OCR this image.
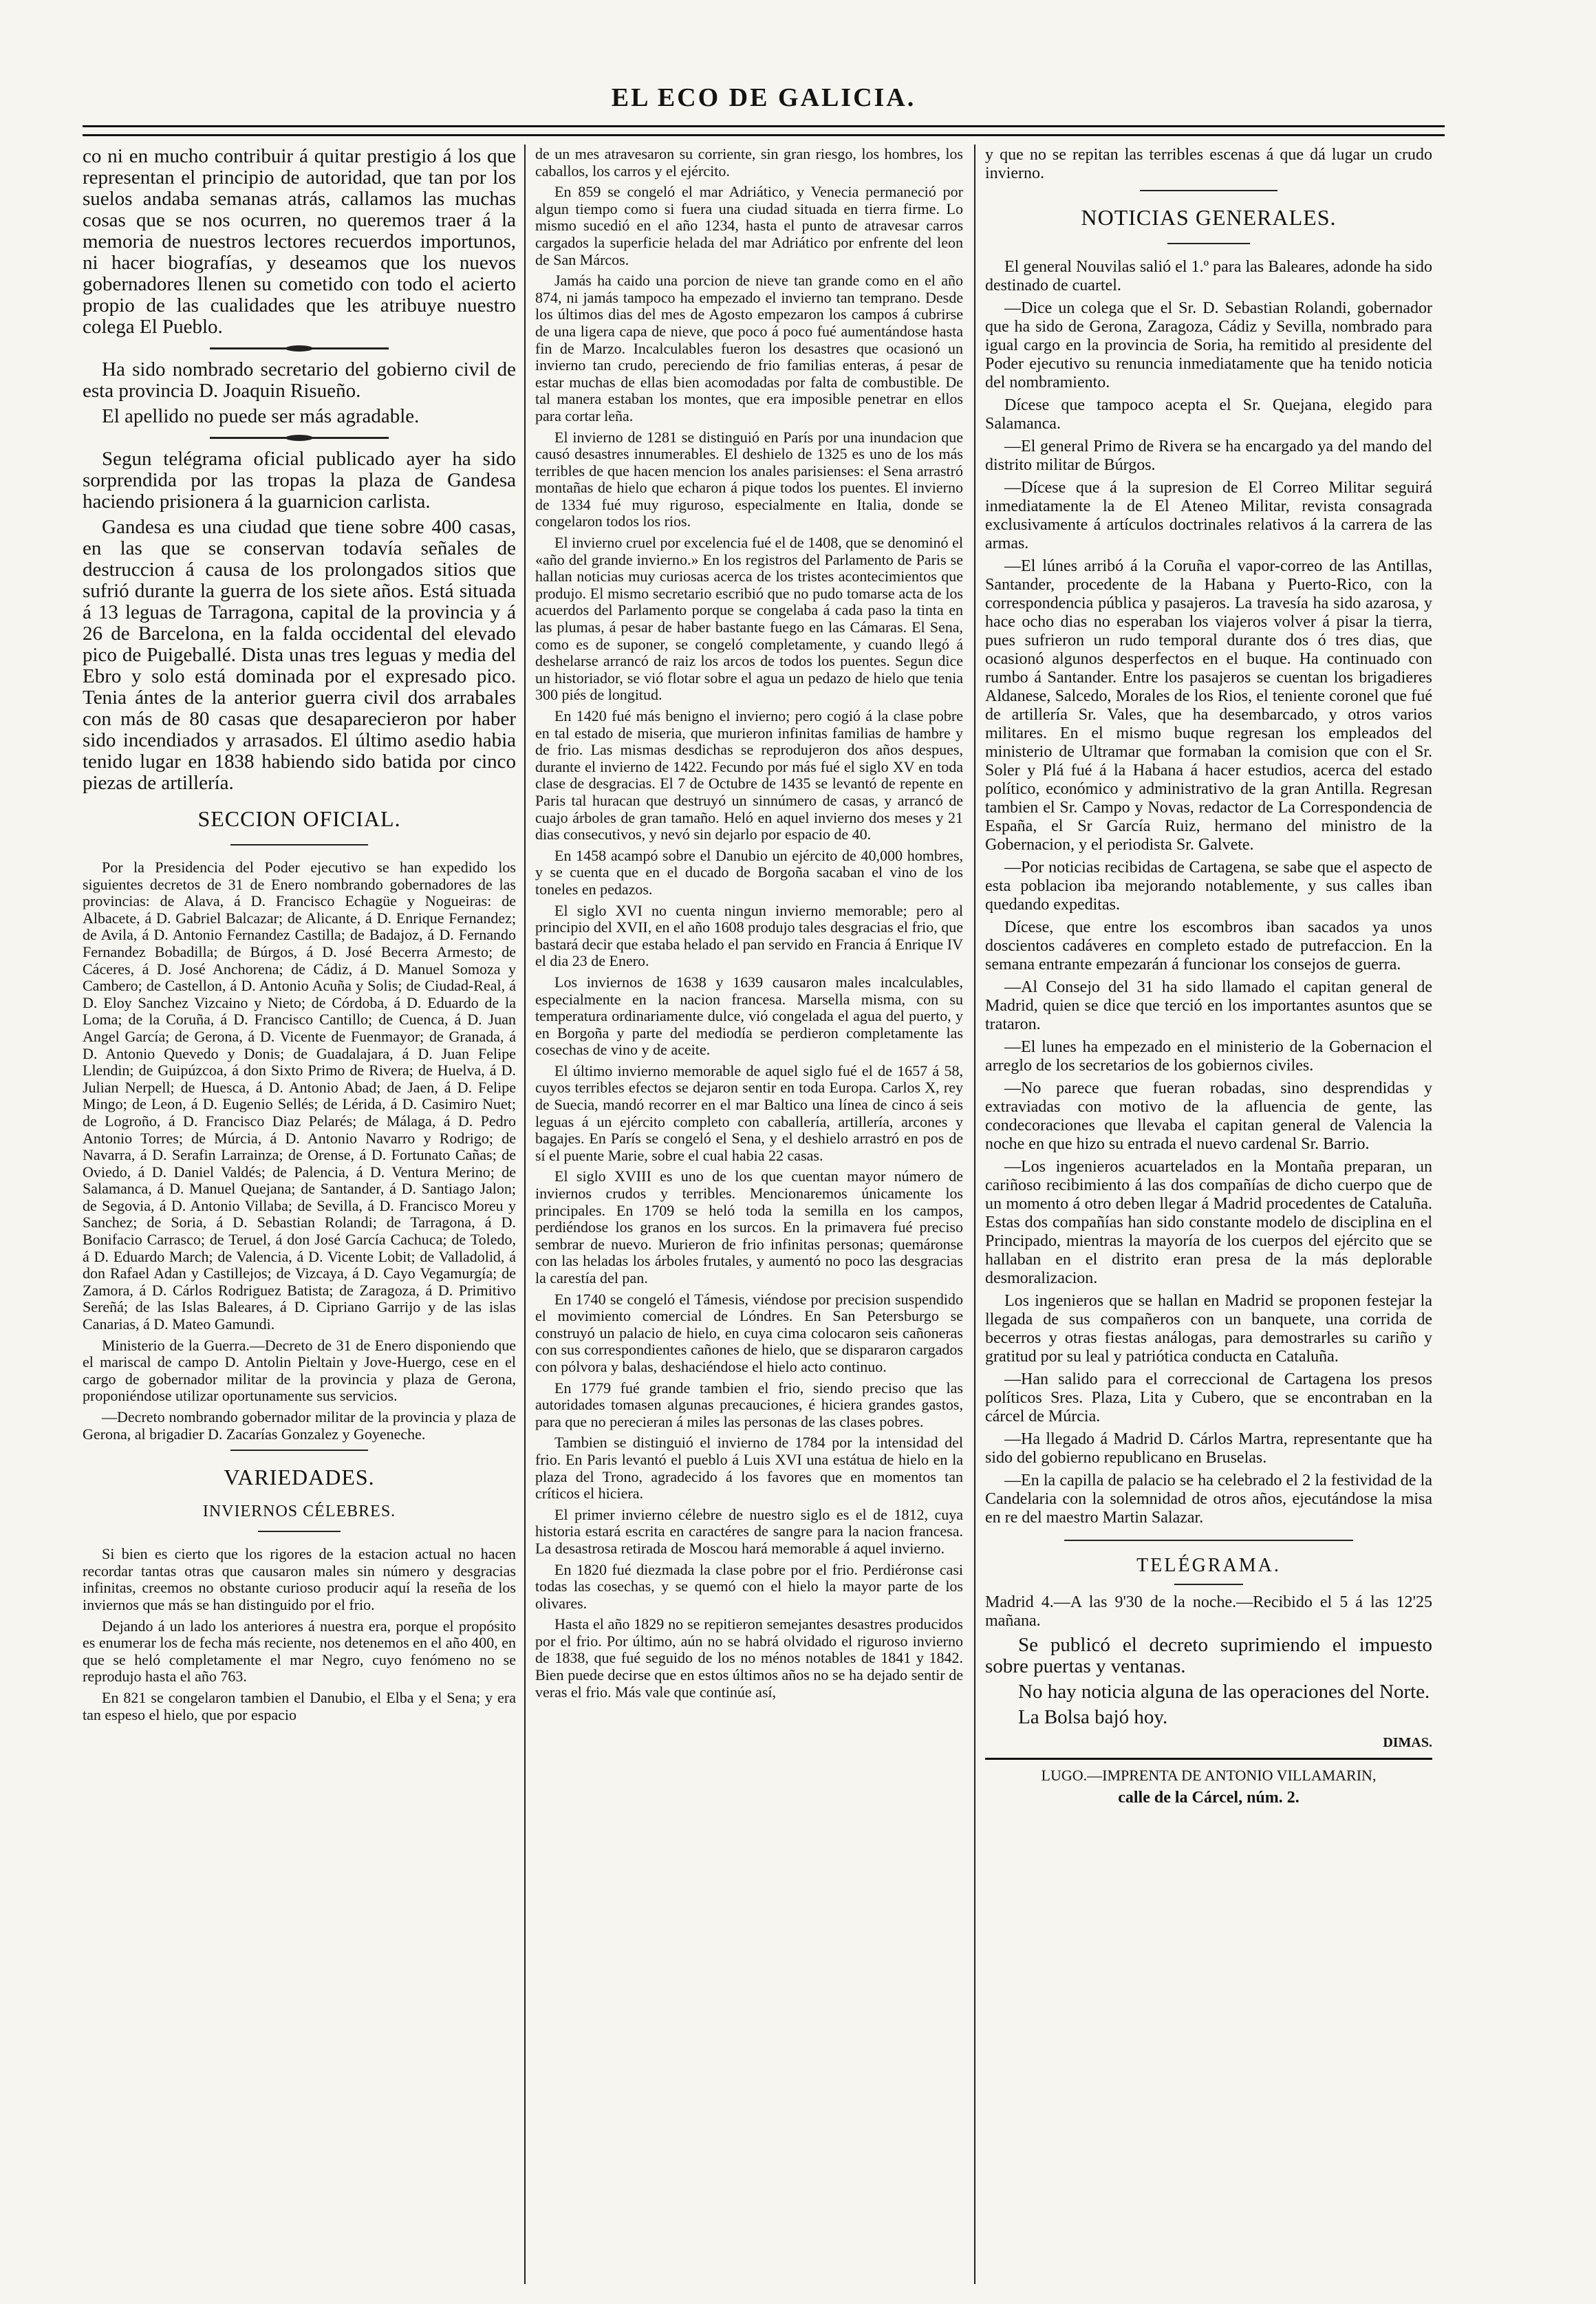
EL ECO DE GALICIA.

co ni en mucho contribuir á quitar prestigio á los que representan el principio de autoridad, que tan por los suelos andaba semanas atrás, callamos las muchas cosas que se nos ocurren, no queremos traer á la memoria de nuestros lectores recuerdos importunos, ni hacer biografías, y deseamos que los nuevos gobernadores llenen su cometido con todo el acierto propio de las cualidades que les atribuye nuestro colega El Pueblo.

Ha sido nombrado secretario del gobierno civil de esta provincia D. Joaquin Risueño.

El apellido no puede ser más agradable.

Segun telégrama oficial publicado ayer ha sido sorprendida por las tropas la plaza de Gandesa haciendo prisionera á la guarnicion carlista.

Gandesa es una ciudad que tiene sobre 400 casas, en las que se conservan todavía señales de destruccion á causa de los prolongados sitios que sufrió durante la guerra de los siete años. Está situada á 13 leguas de Tarragona, capital de la provincia y á 26 de Barcelona, en la falda occidental del elevado pico de Puigeballé. Dista unas tres leguas y media del Ebro y solo está dominada por el expresado pico. Tenia ántes de la anterior guerra civil dos arrabales con más de 80 casas que desaparecieron por haber sido incendiados y arrasados. El último asedio habia tenido lugar en 1838 habiendo sido batida por cinco piezas de artillería.

SECCION OFICIAL.

Por la Presidencia del Poder ejecutivo se han expedido los siguientes decretos de 31 de Enero nombrando gobernadores de las provincias: de Alava, á D. Francisco Echagüe y Nogueiras: de Albacete, á D. Gabriel Balcazar; de Alicante, á D. Enrique Fernandez; de Avila, á D. Antonio Fernandez Castilla; de Badajoz, á D. Fernando Fernandez Bobadilla; de Búrgos, á D. José Becerra Armesto; de Cáceres, á D. José Anchorena; de Cádiz, á D. Manuel Somoza y Cambero; de Castellon, á D. Antonio Acuña y Solis; de Ciudad-Real, á D. Eloy Sanchez Vizcaino y Nieto; de Córdoba, á D. Eduardo de la Loma; de la Coruña, á D. Francisco Cantillo; de Cuenca, á D. Juan Angel García; de Gerona, á D. Vicente de Fuenmayor; de Granada, á D. Antonio Quevedo y Donis; de Guadalajara, á D. Juan Felipe Llendin; de Guipúzcoa, á don Sixto Primo de Rivera; de Huelva, á D. Julian Nerpell; de Huesca, á D. Antonio Abad; de Jaen, á D. Felipe Mingo; de Leon, á D. Eugenio Sellés; de Lérida, á D. Casimiro Nuet; de Logroño, á D. Francisco Diaz Pelarés; de Málaga, á D. Pedro Antonio Torres; de Múrcia, á D. Antonio Navarro y Rodrigo; de Navarra, á D. Serafin Larrainza; de Orense, á D. Fortunato Cañas; de Oviedo, á D. Daniel Valdés; de Palencia, á D. Ventura Merino; de Salamanca, á D. Manuel Quejana; de Santander, á D. Santiago Jalon; de Segovia, á D. Antonio Villaba; de Sevilla, á D. Francisco Moreu y Sanchez; de Soria, á D. Sebastian Rolandi; de Tarragona, á D. Bonifacio Carrasco; de Teruel, á don José García Cachuca; de Toledo, á D. Eduardo March; de Valencia, á D. Vicente Lobit; de Valladolid, á don Rafael Adan y Castillejos; de Vizcaya, á D. Cayo Vegamurgía; de Zamora, á D. Cárlos Rodriguez Batista; de Zaragoza, á D. Primitivo Sereñá; de las Islas Baleares, á D. Cipriano Garrijo y de las islas Canarias, á D. Mateo Gamundi.

Ministerio de la Guerra.—Decreto de 31 de Enero disponiendo que el mariscal de campo D. Antolin Pieltain y Jove-Huergo, cese en el cargo de gobernador militar de la provincia y plaza de Gerona, proponiéndose utilizar oportunamente sus servicios.

—Decreto nombrando gobernador militar de la provincia y plaza de Gerona, al brigadier D. Zacarías Gonzalez y Goyeneche.

VARIEDADES.
INVIERNOS CÉLEBRES.

Si bien es cierto que los rigores de la estacion actual no hacen recordar tantas otras que causaron males sin número y desgracias infinitas, creemos no obstante curioso producir aquí la reseña de los inviernos que más se han distinguido por el frio.

Dejando á un lado los anteriores á nuestra era, porque el propósito es enumerar los de fecha más reciente, nos detenemos en el año 400, en que se heló completamente el mar Negro, cuyo fenómeno no se reprodujo hasta el año 763.

En 821 se congelaron tambien el Danubio, el Elba y el Sena; y era tan espeso el hielo, que por espacio

de un mes atravesaron su corriente, sin gran riesgo, los hombres, los caballos, los carros y el ejército.

En 859 se congeló el mar Adriático, y Venecia permaneció por algun tiempo como si fuera una ciudad situada en tierra firme. Lo mismo sucedió en el año 1234, hasta el punto de atravesar carros cargados la superficie helada del mar Adriático por enfrente del leon de San Márcos.

Jamás ha caido una porcion de nieve tan grande como en el año 874, ni jamás tampoco ha empezado el invierno tan temprano. Desde los últimos dias del mes de Agosto empezaron los campos á cubrirse de una ligera capa de nieve, que poco á poco fué aumentándose hasta fin de Marzo. Incalculables fueron los desastres que ocasionó un invierno tan crudo, pereciendo de frio familias enteras, á pesar de estar muchas de ellas bien acomodadas por falta de combustible. De tal manera estaban los montes, que era imposible penetrar en ellos para cortar leña.

El invierno de 1281 se distinguió en París por una inundacion que causó desastres innumerables. El deshielo de 1325 es uno de los más terribles de que hacen mencion los anales parisienses: el Sena arrastró montañas de hielo que echaron á pique todos los puentes. El invierno de 1334 fué muy riguroso, especialmente en Italia, donde se congelaron todos los rios.

El invierno cruel por excelencia fué el de 1408, que se denominó el «año del grande invierno.» En los registros del Parlamento de Paris se hallan noticias muy curiosas acerca de los tristes acontecimientos que produjo. El mismo secretario escribió que no pudo tomarse acta de los acuerdos del Parlamento porque se congelaba á cada paso la tinta en las plumas, á pesar de haber bastante fuego en las Cámaras. El Sena, como es de suponer, se congeló completamente, y cuando llegó á deshelarse arrancó de raiz los arcos de todos los puentes. Segun dice un historiador, se vió flotar sobre el agua un pedazo de hielo que tenia 300 piés de longitud.

En 1420 fué más benigno el invierno; pero cogió á la clase pobre en tal estado de miseria, que murieron infinitas familias de hambre y de frio. Las mismas desdichas se reprodujeron dos años despues, durante el invierno de 1422. Fecundo por más fué el siglo XV en toda clase de desgracias. El 7 de Octubre de 1435 se levantó de repente en Paris tal huracan que destruyó un sinnúmero de casas, y arrancó de cuajo árboles de gran tamaño. Heló en aquel invierno dos meses y 21 dias consecutivos, y nevó sin dejarlo por espacio de 40.

En 1458 acampó sobre el Danubio un ejército de 40,000 hombres, y se cuenta que en el ducado de Borgoña sacaban el vino de los toneles en pedazos.

El siglo XVI no cuenta ningun invierno memorable; pero al principio del XVII, en el año 1608 produjo tales desgracias el frio, que bastará decir que estaba helado el pan servido en Francia á Enrique IV el dia 23 de Enero.

Los inviernos de 1638 y 1639 causaron males incalculables, especialmente en la nacion francesa. Marsella misma, con su temperatura ordinariamente dulce, vió congelada el agua del puerto, y en Borgoña y parte del mediodía se perdieron completamente las cosechas de vino y de aceite.

El último invierno memorable de aquel siglo fué el de 1657 á 58, cuyos terribles efectos se dejaron sentir en toda Europa. Carlos X, rey de Suecia, mandó recorrer en el mar Baltico una línea de cinco á seis leguas á un ejército completo con caballería, artillería, arcones y bagajes. En París se congeló el Sena, y el deshielo arrastró en pos de sí el puente Marie, sobre el cual habia 22 casas.

El siglo XVIII es uno de los que cuentan mayor número de inviernos crudos y terribles. Mencionaremos únicamente los principales. En 1709 se heló toda la semilla en los campos, perdiéndose los granos en los surcos. En la primavera fué preciso sembrar de nuevo. Murieron de frio infinitas personas; quemáronse con las heladas los árboles frutales, y aumentó no poco las desgracias la carestía del pan.

En 1740 se congeló el Támesis, viéndose por precision suspendido el movimiento comercial de Lóndres. En San Petersburgo se construyó un palacio de hielo, en cuya cima colocaron seis cañoneras con sus correspondientes cañones de hielo, que se dispararon cargados con pólvora y balas, deshaciéndose el hielo acto continuo.

En 1779 fué grande tambien el frio, siendo preciso que las autoridades tomasen algunas precauciones, é hiciera grandes gastos, para que no perecieran á miles las personas de las clases pobres.

Tambien se distinguió el invierno de 1784 por la intensidad del frio. En Paris levantó el pueblo á Luis XVI una estátua de hielo en la plaza del Trono, agradecido á los favores que en momentos tan críticos el hiciera.

El primer invierno célebre de nuestro siglo es el de 1812, cuya historia estará escrita en caractéres de sangre para la nacion francesa. La desastrosa retirada de Moscou hará memorable á aquel invierno.

En 1820 fué diezmada la clase pobre por el frio. Perdiéronse casi todas las cosechas, y se quemó con el hielo la mayor parte de los olivares.

Hasta el año 1829 no se repitieron semejantes desastres producidos por el frio. Por último, aún no se habrá olvidado el riguroso invierno de 1838, que fué seguido de los no ménos notables de 1841 y 1842. Bien puede decirse que en estos últimos años no se ha dejado sentir de veras el frio. Más vale que continúe así,

y que no se repitan las terribles escenas á que dá lugar un crudo invierno.

NOTICIAS GENERALES.

El general Nouvilas salió el 1.º para las Baleares, adonde ha sido destinado de cuartel.

—Dice un colega que el Sr. D. Sebastian Rolandi, gobernador que ha sido de Gerona, Zaragoza, Cádiz y Sevilla, nombrado para igual cargo en la provincia de Soria, ha remitido al presidente del Poder ejecutivo su renuncia inmediatamente que ha tenido noticia del nombramiento.

Dícese que tampoco acepta el Sr. Quejana, elegido para Salamanca.

—El general Primo de Rivera se ha encargado ya del mando del distrito militar de Búrgos.

—Dícese que á la supresion de El Correo Militar seguirá inmediatamente la de El Ateneo Militar, revista consagrada exclusivamente á artículos doctrinales relativos á la carrera de las armas.

—El lúnes arribó á la Coruña el vapor-correo de las Antillas, Santander, procedente de la Habana y Puerto-Rico, con la correspondencia pública y pasajeros. La travesía ha sido azarosa, y hace ocho dias no esperaban los viajeros volver á pisar la tierra, pues sufrieron un rudo temporal durante dos ó tres dias, que ocasionó algunos desperfectos en el buque. Ha continuado con rumbo á Santander. Entre los pasajeros se cuentan los brigadieres Aldanese, Salcedo, Morales de los Rios, el teniente coronel que fué de artillería Sr. Vales, que ha desembarcado, y otros varios militares. En el mismo buque regresan los empleados del ministerio de Ultramar que formaban la comision que con el Sr. Soler y Plá fué á la Habana á hacer estudios, acerca del estado político, económico y administrativo de la gran Antilla. Regresan tambien el Sr. Campo y Novas, redactor de La Correspondencia de España, el Sr García Ruiz, hermano del ministro de la Gobernacion, y el periodista Sr. Galvete.

—Por noticias recibidas de Cartagena, se sabe que el aspecto de esta poblacion iba mejorando notablemente, y sus calles iban quedando expeditas.

Dícese, que entre los escombros iban sacados ya unos doscientos cadáveres en completo estado de putrefaccion. En la semana entrante empezarán á funcionar los consejos de guerra.

—Al Consejo del 31 ha sido llamado el capitan general de Madrid, quien se dice que terció en los importantes asuntos que se trataron.

—El lunes ha empezado en el ministerio de la Gobernacion el arreglo de los secretarios de los gobiernos civiles.

—No parece que fueran robadas, sino desprendidas y extraviadas con motivo de la afluencia de gente, las condecoraciones que llevaba el capitan general de Valencia la noche en que hizo su entrada el nuevo cardenal Sr. Barrio.

—Los ingenieros acuartelados en la Montaña preparan, un cariñoso recibimiento á las dos compañías de dicho cuerpo que de un momento á otro deben llegar á Madrid procedentes de Cataluña. Estas dos compañías han sido constante modelo de disciplina en el Principado, mientras la mayoría de los cuerpos del ejército que se hallaban en el distrito eran presa de la más deplorable desmoralizacion.

Los ingenieros que se hallan en Madrid se proponen festejar la llegada de sus compañeros con un banquete, una corrida de becerros y otras fiestas análogas, para demostrarles su cariño y gratitud por su leal y patriótica conducta en Cataluña.

—Han salido para el correccional de Cartagena los presos políticos Sres. Plaza, Lita y Cubero, que se encontraban en la cárcel de Múrcia.

—Ha llegado á Madrid D. Cárlos Martra, representante que ha sido del gobierno republicano en Bruselas.

—En la capilla de palacio se ha celebrado el 2 la festividad de la Candelaria con la solemnidad de otros años, ejecutándose la misa en re del maestro Martin Salazar.

TELÉGRAMA.

Madrid 4.—A las 9'30 de la noche.—Recibido el 5 á las 12'25 mañana.

Se publicó el decreto suprimiendo el impuesto sobre puertas y ventanas.

No hay noticia alguna de las operaciones del Norte.

La Bolsa bajó hoy.

DIMAS.
LUGO.—IMPRENTA DE ANTONIO VILLAMARIN,
calle de la Cárcel, núm. 2.
